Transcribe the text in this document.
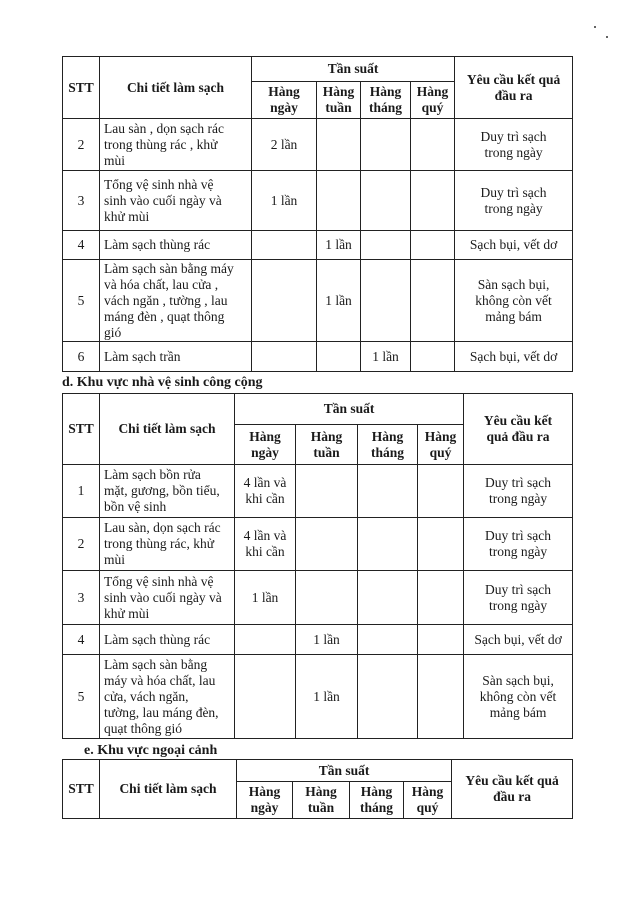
STT	Chi tiết làm sạch	Tần suất				Yêu cầu kết quả
đầu ra
		Hàng
ngày	Hàng
tuần	Hàng
tháng	Hàng
quý	
2	Lau sàn , dọn sạch rác
trong thùng rác , khử
mùi	2 lần				Duy trì sạch
trong ngày
3	Tổng vệ sinh nhà vệ
sinh vào cuối ngày và
khử mùi	1 lần				Duy trì sạch
trong ngày
4	Làm sạch thùng rác		1 lần			Sạch bụi, vết dơ
5	Làm sạch sàn bằng máy
và hóa chất, lau cửa ,
vách ngăn , tường , lau
máng đèn , quạt thông
gió		1 lần			Sàn sạch bụi,
không còn vết
mảng bám
6	Làm sạch trần			1 lần		Sạch bụi, vết dơ
d. Khu vực nhà vệ sinh công cộng
STT	Chi tiết làm sạch	Tần suất				Yêu cầu kết
quả đầu ra
		Hàng
ngày	Hàng
tuần	Hàng
tháng	Hàng
quý	
1	Làm sạch bồn rửa
mặt, gương, bồn tiểu,
bồn vệ sinh	4 lần và
khi cần				Duy trì sạch
trong ngày
2	Lau sàn, dọn sạch rác
trong thùng rác, khử
mùi	4 lần và
khi cần				Duy trì sạch
trong ngày
3	Tổng vệ sinh nhà vệ
sinh vào cuối ngày và
khử mùi	1 lần				Duy trì sạch
trong ngày
4	Làm sạch thùng rác		1 lần			Sạch bụi, vết dơ
5	Làm sạch sàn bằng
máy và hóa chất, lau
cửa, vách ngăn,
tường, lau máng đèn,
quạt thông gió		1 lần			Sàn sạch bụi,
không còn vết
mảng bám
e. Khu vực ngoại cảnh
STT	Chi tiết làm sạch	Tần suất				Yêu cầu kết quả
đầu ra
		Hàng
ngày	Hàng
tuần	Hàng
tháng	Hàng
quý	
